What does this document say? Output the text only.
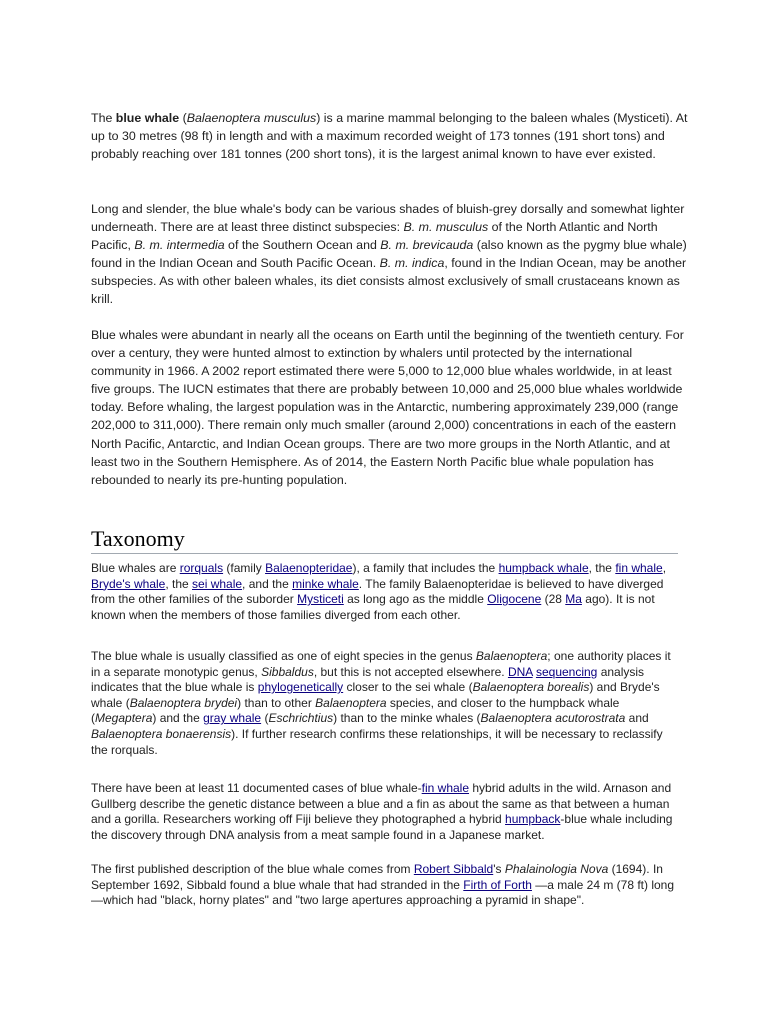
The blue whale (Balaenoptera musculus) is a marine mammal belonging to the baleen whales (Mysticeti). At up to 30 metres (98 ft) in length and with a maximum recorded weight of 173 tonnes (191 short tons) and probably reaching over 181 tonnes (200 short tons), it is the largest animal known to have ever existed.

Long and slender, the blue whale's body can be various shades of bluish-grey dorsally and somewhat lighter underneath. There are at least three distinct subspecies: B. m. musculus of the North Atlantic and North Pacific, B. m. intermedia of the Southern Ocean and B. m. brevicauda (also known as the pygmy blue whale) found in the Indian Ocean and South Pacific Ocean. B. m. indica, found in the Indian Ocean, may be another subspecies. As with other baleen whales, its diet consists almost exclusively of small crustaceans known as krill.

Blue whales were abundant in nearly all the oceans on Earth until the beginning of the twentieth century. For over a century, they were hunted almost to extinction by whalers until protected by the international community in 1966. A 2002 report estimated there were 5,000 to 12,000 blue whales worldwide, in at least five groups. The IUCN estimates that there are probably between 10,000 and 25,000 blue whales worldwide today. Before whaling, the largest population was in the Antarctic, numbering approximately 239,000 (range 202,000 to 311,000). There remain only much smaller (around 2,000) concentrations in each of the eastern North Pacific, Antarctic, and Indian Ocean groups. There are two more groups in the North Atlantic, and at least two in the Southern Hemisphere. As of 2014, the Eastern North Pacific blue whale population has rebounded to nearly its pre-hunting population.

Taxonomy

Blue whales are rorquals (family Balaenopteridae), a family that includes the humpback whale, the fin whale, Bryde's whale, the sei whale, and the minke whale. The family Balaenopteridae is believed to have diverged from the other families of the suborder Mysticeti as long ago as the middle Oligocene (28 Ma ago). It is not known when the members of those families diverged from each other.

The blue whale is usually classified as one of eight species in the genus Balaenoptera; one authority places it in a separate monotypic genus, Sibbaldus, but this is not accepted elsewhere. DNA sequencing analysis indicates that the blue whale is phylogenetically closer to the sei whale (Balaenoptera borealis) and Bryde's whale (Balaenoptera brydei) than to other Balaenoptera species, and closer to the humpback whale (Megaptera) and the gray whale (Eschrichtius) than to the minke whales (Balaenoptera acutorostrata and Balaenoptera bonaerensis). If further research confirms these relationships, it will be necessary to reclassify the rorquals.

There have been at least 11 documented cases of blue whale-fin whale hybrid adults in the wild. Arnason and Gullberg describe the genetic distance between a blue and a fin as about the same as that between a human and a gorilla. Researchers working off Fiji believe they photographed a hybrid humpback-blue whale including the discovery through DNA analysis from a meat sample found in a Japanese market.

The first published description of the blue whale comes from Robert Sibbald's Phalainologia Nova (1694). In September 1692, Sibbald found a blue whale that had stranded in the Firth of Forth —a male 24 m (78 ft) long—which had "black, horny plates" and "two large apertures approaching a pyramid in shape".
